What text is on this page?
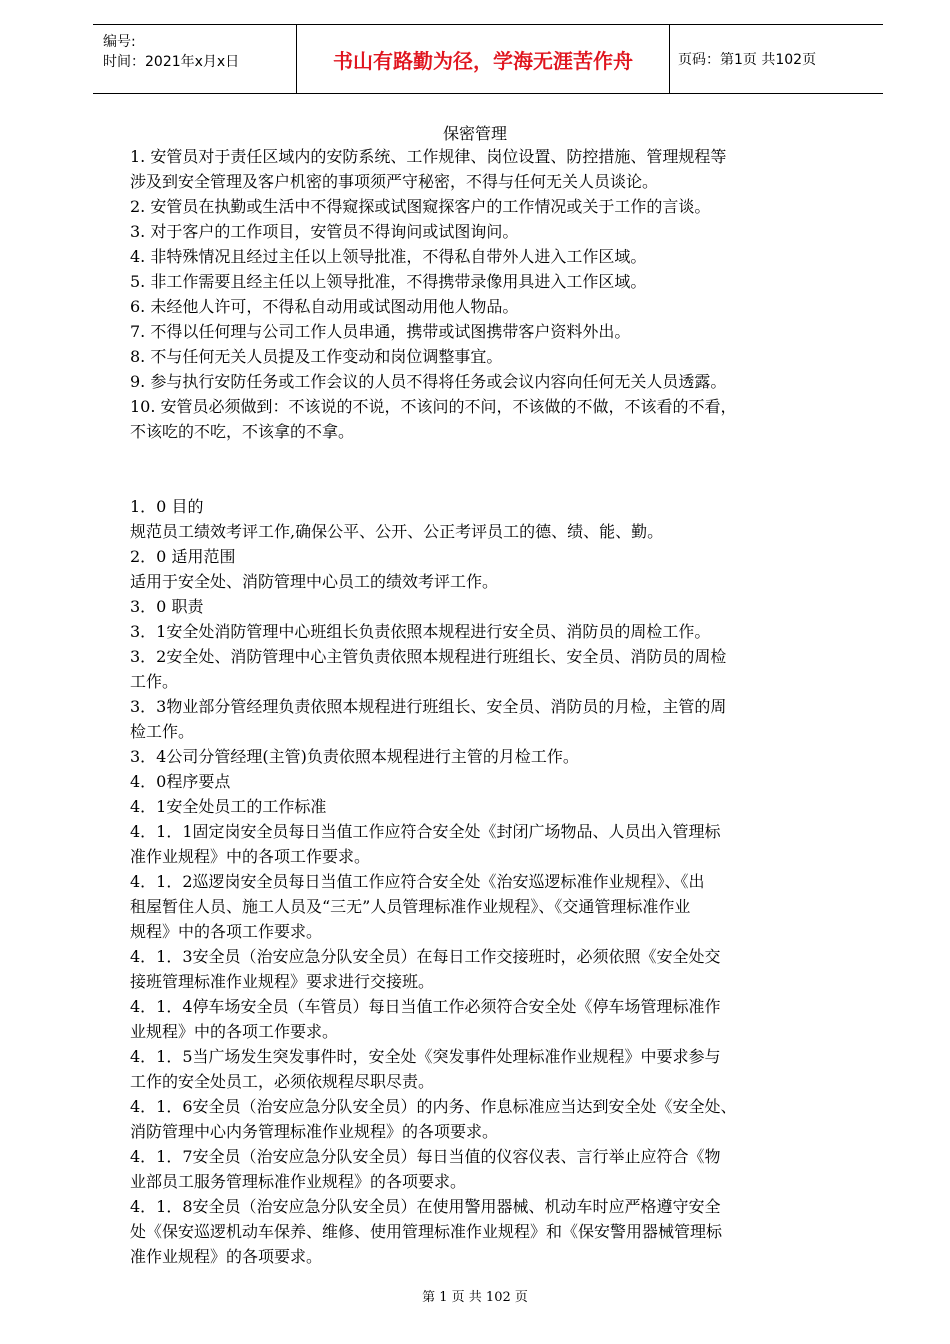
编号:
时间：2021年x月x日	书山有路勤为径，学海无涯苦作舟	页码：第1页 共102页
保密管理
1. 安管员对于责任区域内的安防系统、工作规律、岗位设置、防控措施、管理规程等
涉及到安全管理及客户机密的事项须严守秘密，不得与任何无关人员谈论。
2. 安管员在执勤或生活中不得窥探或试图窥探客户的工作情况或关于工作的言谈。
3. 对于客户的工作项目，安管员不得询问或试图询问。
4. 非特殊情况且经过主任以上领导批准，不得私自带外人进入工作区域。
5. 非工作需要且经主任以上领导批准，不得携带录像用具进入工作区域。
6. 未经他人许可，不得私自动用或试图动用他人物品。
7. 不得以任何理与公司工作人员串通，携带或试图携带客户资料外出。
8. 不与任何无关人员提及工作变动和岗位调整事宜。
9. 参与执行安防任务或工作会议的人员不得将任务或会议内容向任何无关人员透露。
10. 安管员必须做到：不该说的不说，不该问的不问，不该做的不做，不该看的不看，
不该吃的不吃，不该拿的不拿。
1．0 目的
规范员工绩效考评工作,确保公平、公开、公正考评员工的德、绩、能、勤。
2．0 适用范围
适用于安全处、消防管理中心员工的绩效考评工作。
3．0 职责
3．1安全处消防管理中心班组长负责依照本规程进行安全员、消防员的周检工作。
3．2安全处、消防管理中心主管负责依照本规程进行班组长、安全员、消防员的周检
工作。
3．3物业部分管经理负责依照本规程进行班组长、安全员、消防员的月检，主管的周
检工作。
3．4公司分管经理(主管)负责依照本规程进行主管的月检工作。
4．0程序要点
4．1安全处员工的工作标准
4．1．1固定岗安全员每日当值工作应符合安全处《封闭广场物品、人员出入管理标
准作业规程》中的各项工作要求。
4．1．2巡逻岗安全员每日当值工作应符合安全处《治安巡逻标准作业规程》、《出
租屋暂住人员、施工人员及“三无”人员管理标准作业规程》、《交通管理标准作业
规程》中的各项工作要求。
4．1．3安全员（治安应急分队安全员）在每日工作交接班时，必须依照《安全处交
接班管理标准作业规程》要求进行交接班。
4．1．4停车场安全员（车管员）每日当值工作必须符合安全处《停车场管理标准作
业规程》中的各项工作要求。
4．1．5当广场发生突发事件时，安全处《突发事件处理标准作业规程》中要求参与
工作的安全处员工，必须依规程尽职尽责。
4．1．6安全员（治安应急分队安全员）的内务、作息标准应当达到安全处《安全处、
消防管理中心内务管理标准作业规程》的各项要求。
4．1．7安全员（治安应急分队安全员）每日当值的仪容仪表、言行举止应符合《物
业部员工服务管理标准作业规程》的各项要求。
4．1．8安全员（治安应急分队安全员）在使用警用器械、机动车时应严格遵守安全
处《保安巡逻机动车保养、维修、使用管理标准作业规程》和《保安警用器械管理标
准作业规程》的各项要求。
第 1 页 共 102 页
